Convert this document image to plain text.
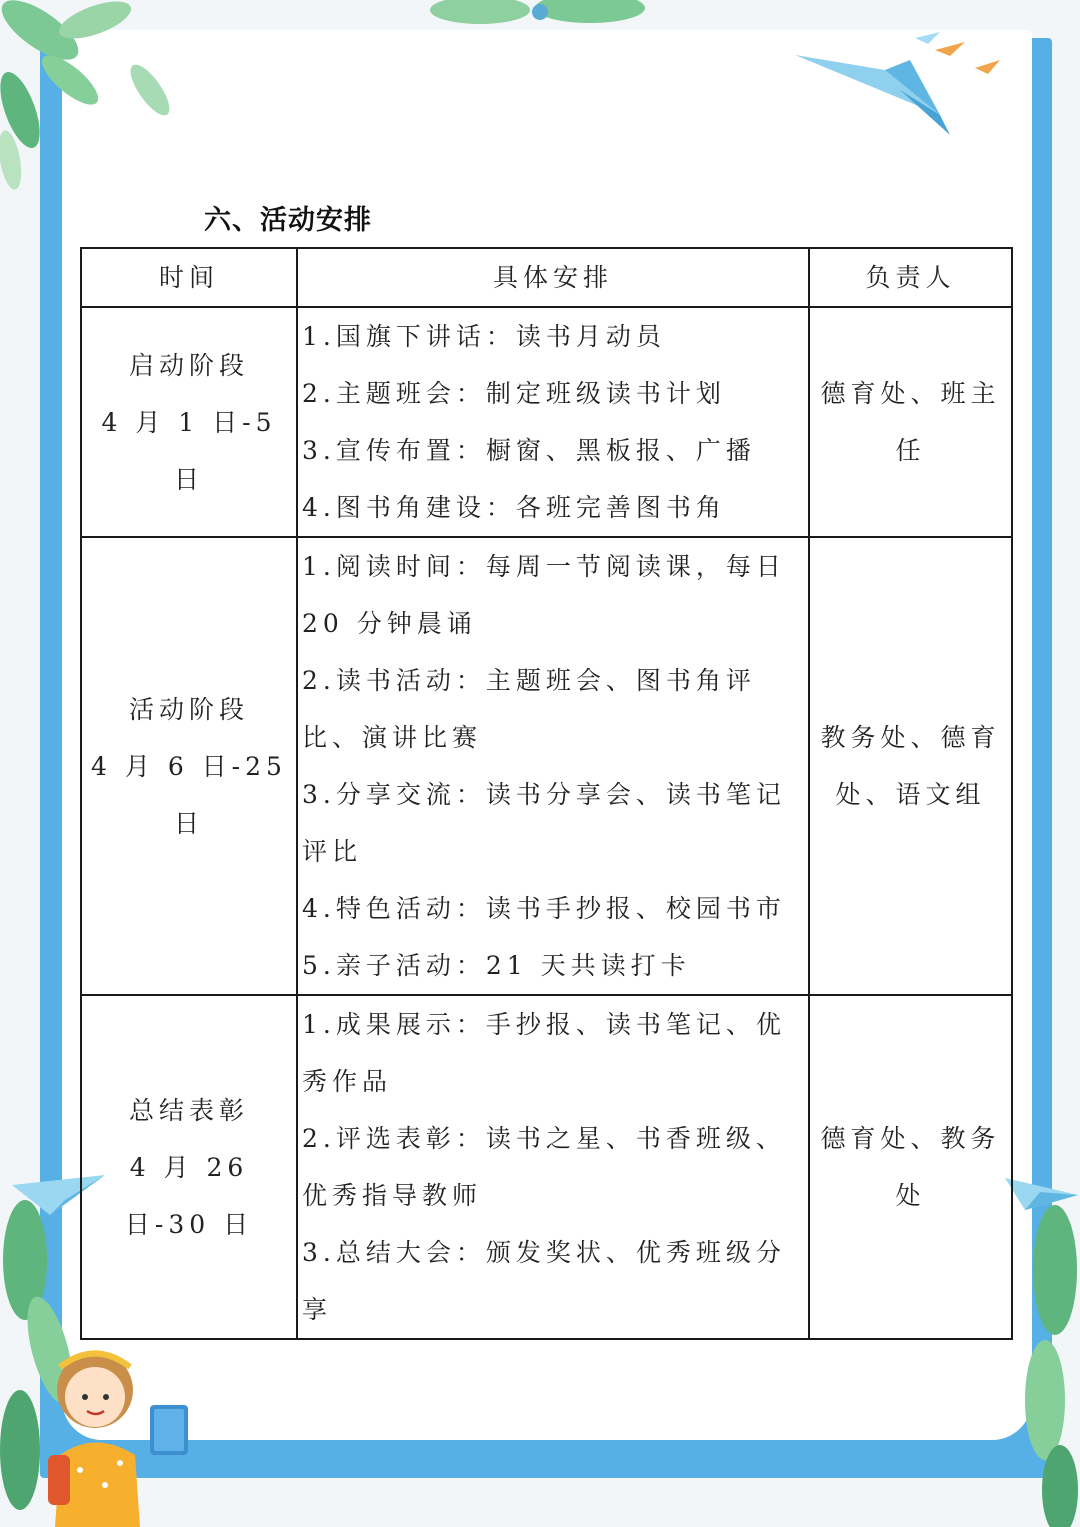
六、活动安排
时间	具体安排	负责人

启动阶段
4 月 1 日-5 日	1.国旗下讲话：读书月动员
2.主题班会：制定班级读书计划
3.宣传布置：橱窗、黑板报、广播
4.图书角建设：各班完善图书角	德育处、班主任

活动阶段
4 月 6 日-25 日	1.阅读时间：每周一节阅读课，每日 20 分钟晨诵
2.读书活动：主题班会、图书角评比、演讲比赛
3.分享交流：读书分享会、读书笔记评比
4.特色活动：读书手抄报、校园书市
5.亲子活动：21 天共读打卡	教务处、德育处、语文组

总结表彰
4 月 26 日-30 日	1.成果展示：手抄报、读书笔记、优秀作品
2.评选表彰：读书之星、书香班级、优秀指导教师
3.总结大会：颁发奖状、优秀班级分享	德育处、教务处
